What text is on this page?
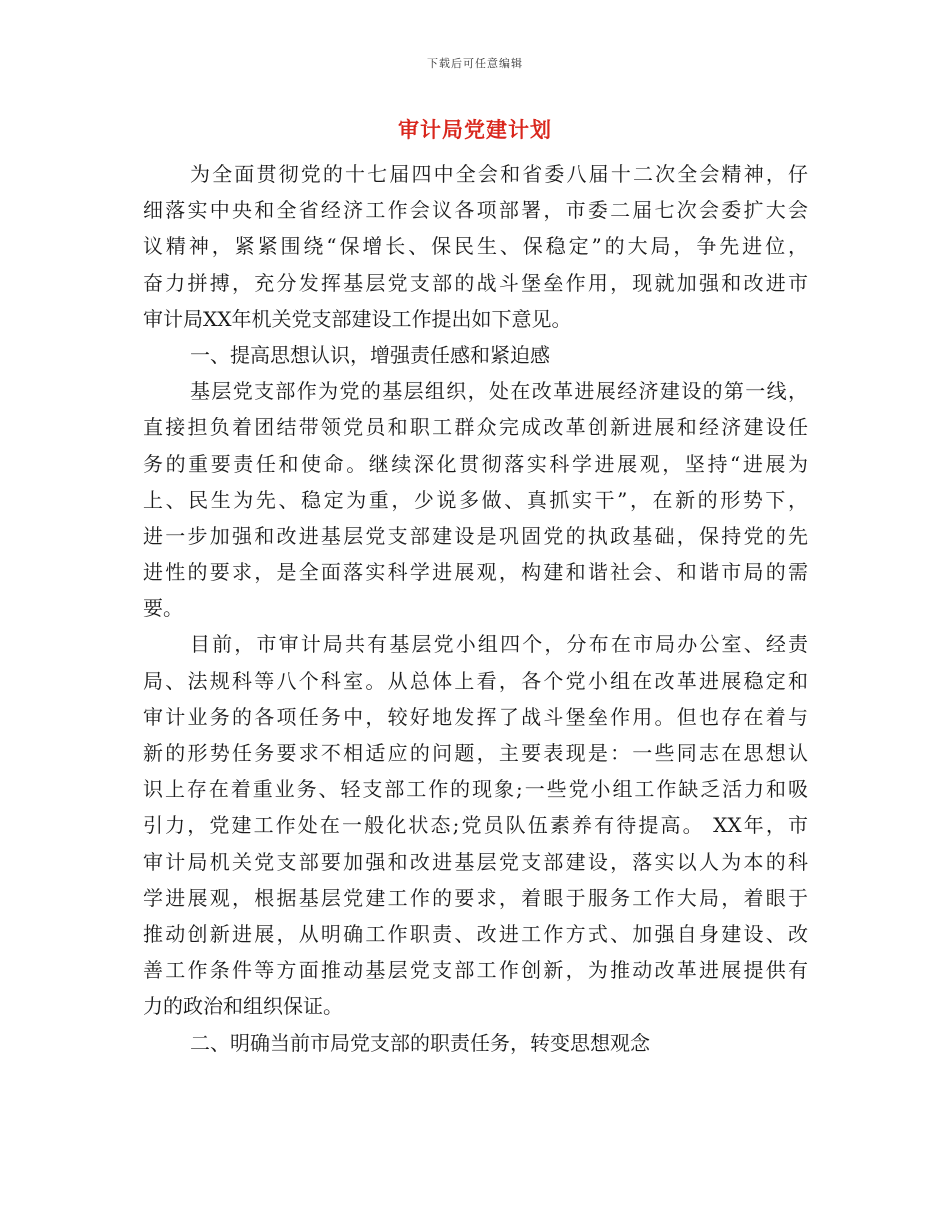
下载后可任意编辑
审计局党建计划
为全面贯彻党的十七届四中全会和省委八届十二次全会精神，仔
细落实中央和全省经济工作会议各项部署，市委二届七次会委扩大会
议精神，紧紧围绕“保增长、保民生、保稳定”的大局，争先进位，
奋力拼搏，充分发挥基层党支部的战斗堡垒作用，现就加强和改进市
审计局XX年机关党支部建设工作提出如下意见。
一、提高思想认识，增强责任感和紧迫感
基层党支部作为党的基层组织，处在改革进展经济建设的第一线，
直接担负着团结带领党员和职工群众完成改革创新进展和经济建设任
务的重要责任和使命。继续深化贯彻落实科学进展观，坚持“进展为
上、民生为先、稳定为重，少说多做、真抓实干”，在新的形势下，
进一步加强和改进基层党支部建设是巩固党的执政基础，保持党的先
进性的要求，是全面落实科学进展观，构建和谐社会、和谐市局的需
要。
目前，市审计局共有基层党小组四个，分布在市局办公室、经责
局、法规科等八个科室。从总体上看，各个党小组在改革进展稳定和
审计业务的各项任务中，较好地发挥了战斗堡垒作用。但也存在着与
新的形势任务要求不相适应的问题，主要表现是：一些同志在思想认
识上存在着重业务、轻支部工作的现象;一些党小组工作缺乏活力和吸
引力，党建工作处在一般化状态;党员队伍素养有待提高。 XX年，市
审计局机关党支部要加强和改进基层党支部建设，落实以人为本的科
学进展观，根据基层党建工作的要求，着眼于服务工作大局，着眼于
推动创新进展，从明确工作职责、改进工作方式、加强自身建设、改
善工作条件等方面推动基层党支部工作创新，为推动改革进展提供有
力的政治和组织保证。
二、明确当前市局党支部的职责任务，转变思想观念
